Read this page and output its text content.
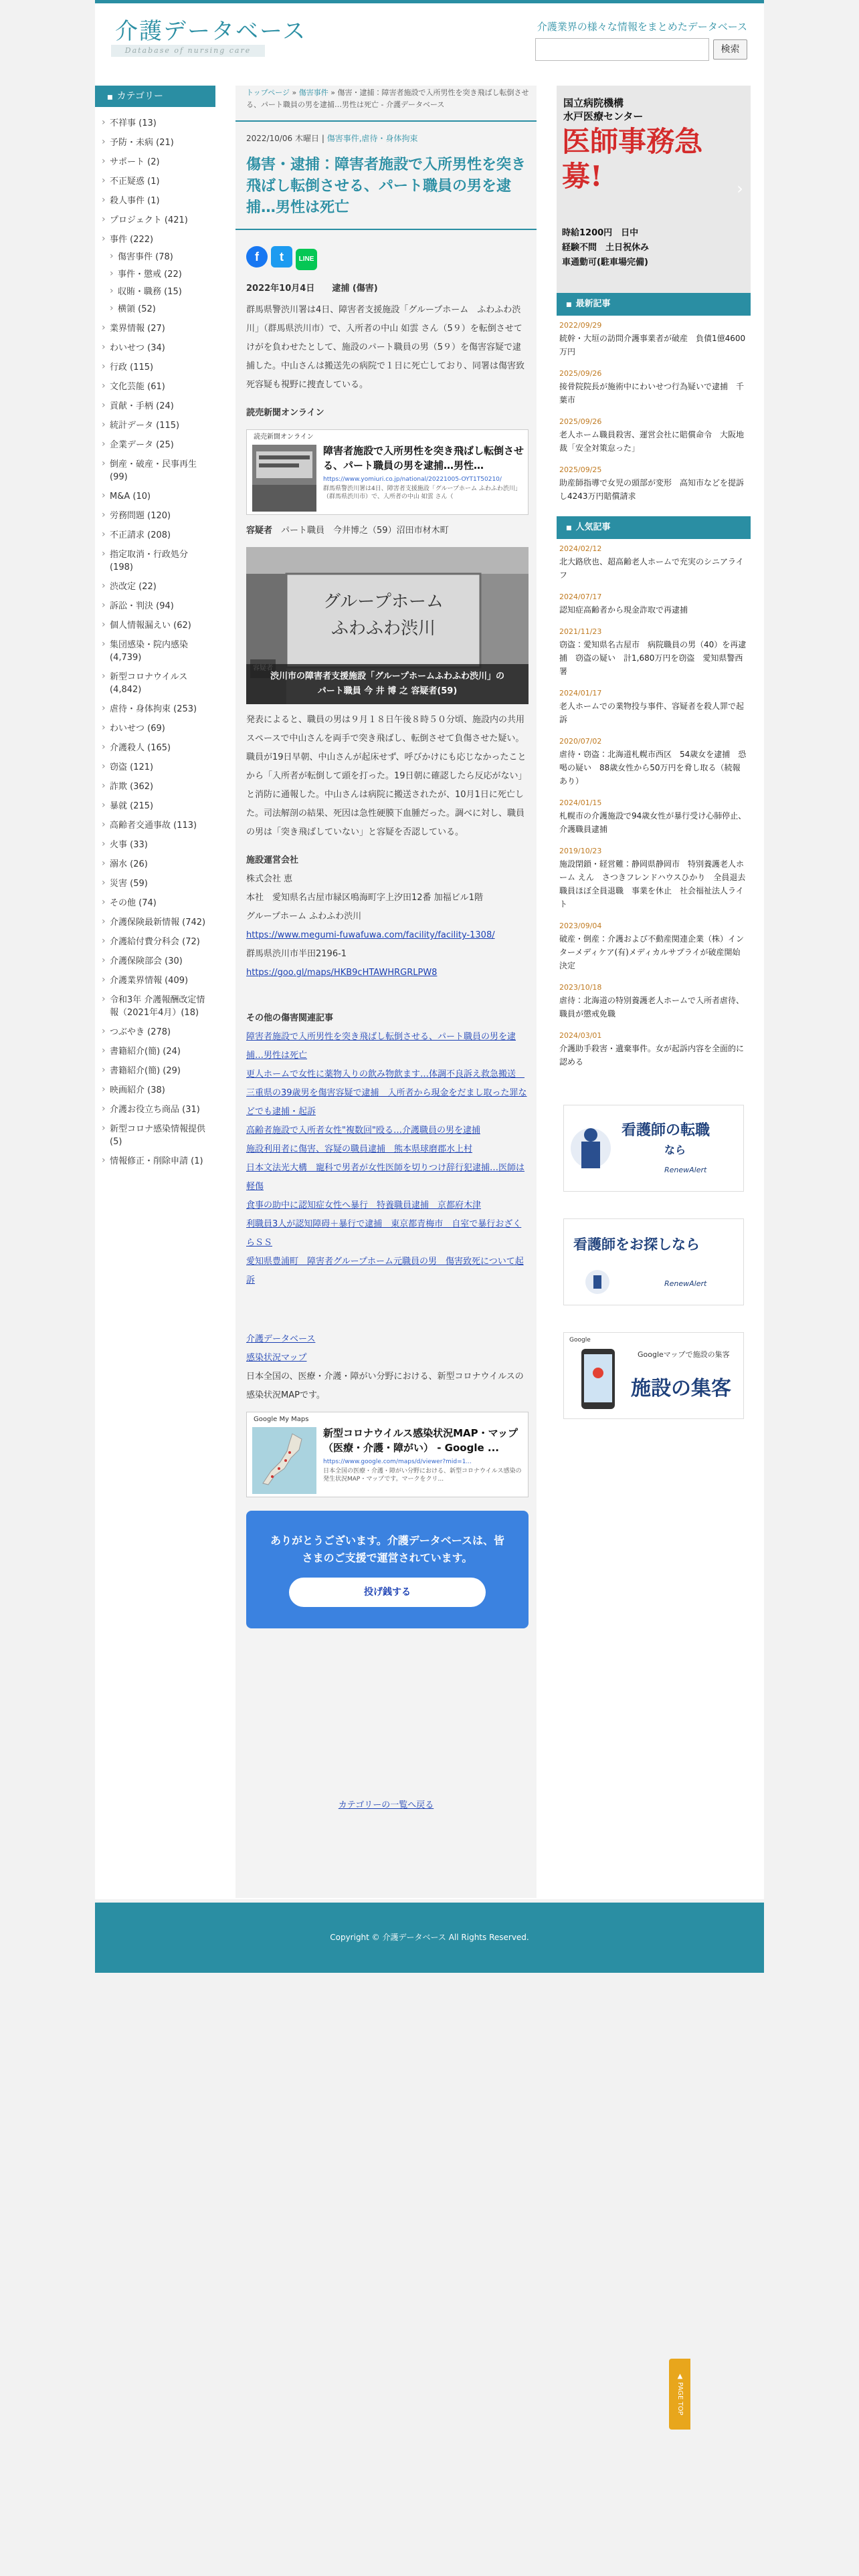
介護データベース
Database of nursing care
介護業界の様々な情報をまとめたデータベース
検索
■ カテゴリー
› 不祥事 (13)
› 予防・未病 (21)
› サポート (2)
› 不正疑惑 (1)
› 殺人事件 (1)
› プロジェクト (421)
› 事件 (222)
› 傷害事件 (78)
› 事件・懲戒 (22)
› 収賄・職務 (15)
› 横領 (52)
› 業界情報 (27)
› わいせつ (34)
› 行政 (115)
› 文化芸能 (61)
› 貢献・手柄 (24)
› 統計データ (115)
› 企業データ (25)
› 倒産・破産・民事再生 (99)
› M&A (10)
› 労務問題 (120)
› 不正請求 (208)
› 指定取消・行政処分 (198)
› 渋改定 (22)
› 訴訟・判決 (94)
› 個人情報漏えい (62)
› 集団感染・院内感染 (4,739)
› 新型コロナウイルス (4,842)
› 虐待・身体拘束 (253)
› わいせつ (69)
› 介護殺人 (165)
› 窃盗 (121)
› 詐欺 (362)
› 暴就 (215)
› 高齢者交通事故 (113)
› 火事 (33)
› 溺水 (26)
› 災害 (59)
› その他 (74)
› 介護保険最新情報 (742)
› 介護給付費分科会 (72)
› 介護保険部会 (30)
› 介護業界情報 (409)
› 令和3年 介護報酬改定情報（2021年4月）(18)
› つぶやき (278)
› 書籍紹介(簡) (24)
› 書籍紹介(簡) (29)
› 映画紹介 (38)
› 介護お役立ち商品 (31)
› 新型コロナ感染情報提供 (5)
› 情報修正・削除申請 (1)
トップページ » 傷害事件 » 傷害・逮捕：障害者施設で入所男性を突き飛ばし転倒させる、パート職員の男を逮捕…男性は死亡 - 介護データベース
2022/10/06 木曜日 | 傷害事件,虐待・身体拘束
傷害・逮捕：障害者施設で入所男性を突き飛ばし転倒させる、パート職員の男を逮捕…男性は死亡
f t LINE
2022年10月4日　　逮捕 (傷害)

群馬県警渋川署は4日、障害者支援施設「グループホーム　ふわふわ渋川」（群馬県渋川市）で、入所者の中山 如雲 さん（5９）を転倒させてけがを負わせたとして、施設のパート職員の男（5９）を傷害容疑で逮捕した。中山さんは搬送先の病院で１日に死亡しており、同署は傷害致死容疑も視野に捜査している。

読売新聞オンライン
読売新聞オンライン
障害者施設で入所男性を突き飛ばし転倒させる、パート職員の男を逮捕…男性…
https://www.yomiuri.co.jp/national/20221005-OYT1T50210/
群馬県警渋川署は4日、障害者支援施設「グループホーム ふわふわ渋川」（群馬県渋川市）で、入所者の中山 如雲 さん（
容疑者　 パート職員　今井博之（59）沼田市材木町
グループホーム
ふわふわ渋川
渋川市の障害者支援施設「グループホームふわふわ渋川」の
パート職員 今 井 博 之 容疑者(59)

発表によると、職員の男は９月１８日午後８時５０分頃、施設内の共用スペースで中山さんを両手で突き飛ばし、転倒させて負傷させた疑い。職員が19日早朝、中山さんが起床せず、呼びかけにも応じなかったことから「入所者が転倒して頭を打った。19日朝に確認したら反応がない」と消防に通報した。中山さんは病院に搬送されたが、10月1日に死亡した。司法解剖の結果、死因は急性硬膜下血腫だった。調べに対し、職員の男は「突き飛ばしていない」と容疑を否認している。

施設運営会社
株式会社 恵
本社　愛知県名古屋市緑区鳴海町字上汐田12番 加福ビル1階
グループホーム ふわふわ渋川
https://www.megumi-fuwafuwa.com/facility/facility-1308/
群馬県渋川市半田2196-1
https://goo.gl/maps/HKB9cHTAWHRGRLPW8
その他の傷害関連記事
障害者施設で入所男性を突き飛ばし転倒させる、パート職員の男を逮捕…男性は死亡
更人ホームで女性に薬物入りの飲み物飲ます…体調不良訴え救急搬送　三重県の39歳男を傷害容疑で逮捕　入所者から現金をだまし取った罪などでも逮捕・起訴
高齢者施設で入所者女性"複数回"殴る…介護職員の男を逮捕
施設利用者に傷害、容疑の職員逮捕　熊本県球磨郡水上村
日本文法光大構　寵科で男者が女性医師を切りつけ辞行犯逮捕…医師は軽傷
食事の助中に認知症女性へ暴行　特養職員逮捕　京都府木津
利職員3人が認知障碍＋暴行で逮捕　東京都青梅市　自室で暴行おざくらＳＳ
愛知県豊浦町　障害者グループホーム元職員の男　傷害致死について起訴
介護データベース
感染状況マップ
日本全国の、医療・介護・障がい分野における、新型コロナウイルスの感染状況MAPです。
Google My Maps
新型コロナウイルス感染状況MAP・マップ（医療・介護・障がい） - Google ...
https://www.google.com/maps/d/viewer?mid=1...
日本全国の医療・介護・障がい分野における、新型コロナウイルス感染の発生状況MAP・マップです。マークをクリ...
ありがとうございます。介護データベースは、皆さまのご支援で運営されています。
投げ銭する
カテゴリーの一覧へ戻る
国立病院機構
水戸医療センター
医師事務急募!
時給1200円　日中
経験不問　土日祝休み
車通勤可(駐車場完備)
›
■ 最新記事
2022/09/29
統幹・大垣の訪問介護事業者が破産　負債1億4600万円
2025/09/26
接骨院院長が施術中にわいせつ行為疑いで逮捕　千葉市
2025/09/26
老人ホーム職員殺害、運営会社に賠償命令　大阪地裁「安全対策怠った」
2025/09/25
助産師指導で女児の頭部が変形　高知市などを提訴し4243万円賠償請求
■ 人気記事
2024/02/12
北大路欣也、超高齢老人ホームで充実のシニアライフ
2024/07/17
認知症高齢者から現金詐取で再逮捕
2021/11/23
窃盗：愛知県名古屋市　病院職員の男（40）を再逮捕　窃盗の疑い　計1,680万円を窃盗　愛知県警西署
2024/01/17
老人ホームでの業物投与事件、容疑者を殺人罪で起訴
2020/07/02
虐待・窃盗：北海道札幌市西区　54歳女を逮捕　恐喝の疑い　88歳女性から50万円を脅し取る（続報あり）
2024/01/15
札幌市の介護施設で94歳女性が暴行受け心肺停止、介護職員逮捕
2019/10/23
施設閉鎖・経営難：静岡県静岡市　特別養護老人ホーム えん　さつきフレンドハウスひかり　全員退去　職員ほぼ全員退職　事業を休止　社会福祉法人ライト
2023/09/04
破産・倒産：介護および不動産関連企業（株）インターメディケア(有)メディカルサプライが破産開始決定
2023/10/18
虐待：北海道の特別養護老人ホームで入所者虐待、職員が懲戒免職
2024/03/01
介護助手殺害・遺棄事件。女が起訴内容を全面的に認める
看護師の転職
なら
RenewAlert
看護師をお探しなら
RenewAlert
Google
Googleマップで施設の集客
施設の集客
Copyright © 介護データベース All Rights Reserved.
▲ PAGE TOP
